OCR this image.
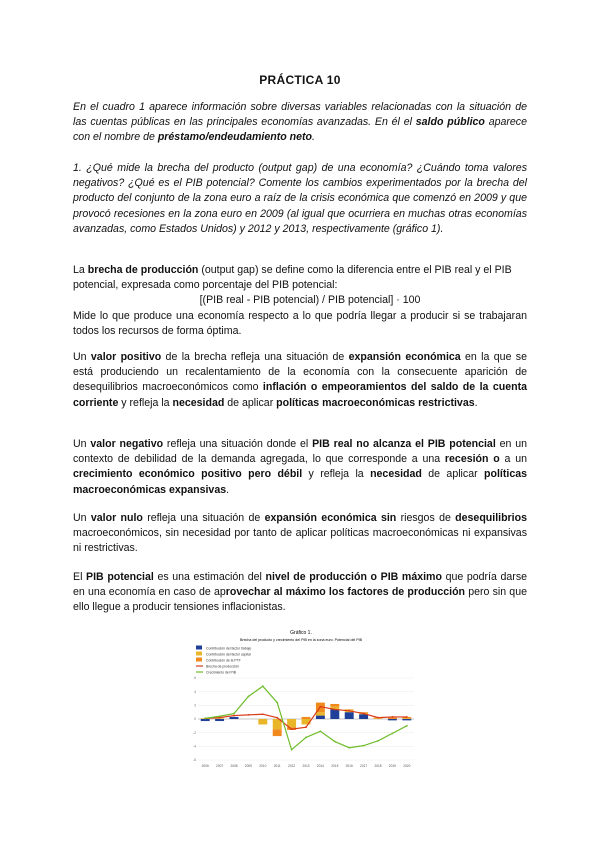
PRÁCTICA 10
En el cuadro 1 aparece información sobre diversas variables relacionadas con la situación de las cuentas públicas en las principales economías avanzadas. En él el saldo público aparece con el nombre de préstamo/endeudamiento neto.
1. ¿Qué mide la brecha del producto (output gap) de una economía? ¿Cuándo toma valores negativos? ¿Qué es el PIB potencial? Comente los cambios experimentados por la brecha del producto del conjunto de la zona euro a raíz de la crisis económica que comenzó en 2009 y que provocó recesiones en la zona euro en 2009 (al igual que ocurriera en muchas otras economías avanzadas, como Estados Unidos) y 2012 y 2013, respectivamente (gráfico 1).
La brecha de producción (output gap) se define como la diferencia entre el PIB real y el PIB potencial, expresada como porcentaje del PIB potencial:
[(PIB real - PIB potencial) / PIB potencial] · 100
Mide lo que produce una economía respecto a lo que podría llegar a producir si se trabajaran todos los recursos de forma óptima.
Un valor positivo de la brecha refleja una situación de expansión económica en la que se está produciendo un recalentamiento de la economía con la consecuente aparición de desequilibrios macroeconómicos como inflación o empeoramientos del saldo de la cuenta corriente y refleja la necesidad de aplicar políticas macroeconómicas restrictivas.
Un valor negativo refleja una situación donde el PIB real no alcanza el PIB potencial en un contexto de debilidad de la demanda agregada, lo que corresponde a una recesión o a un crecimiento económico positivo pero débil y refleja la necesidad de aplicar políticas macroeconómicas expansivas.
Un valor nulo refleja una situación de expansión económica sin riesgos de desequilibrios macroeconómicos, sin necesidad por tanto de aplicar políticas macroeconómicas ni expansivas ni restrictivas.
El PIB potencial es una estimación del nivel de producción o PIB máximo que podría darse en una economía en caso de aprovechar al máximo los factores de producción pero sin que ello llegue a producir tensiones inflacionistas.
Gráfico 1.
Brecha del producto y crecimiento del PIB en la zona euro. Potencial del PIB
Contribución del factor trabajo
Contribución del factor capital
Contribución de la PTF
Brecha de producción
Crecimiento del PIB
-6
-4
-2
0
2
4
6
2006 2007 2008 2009 2010 2011 2012 2013 2014 2015 2016 2017 2018 2019 2020
